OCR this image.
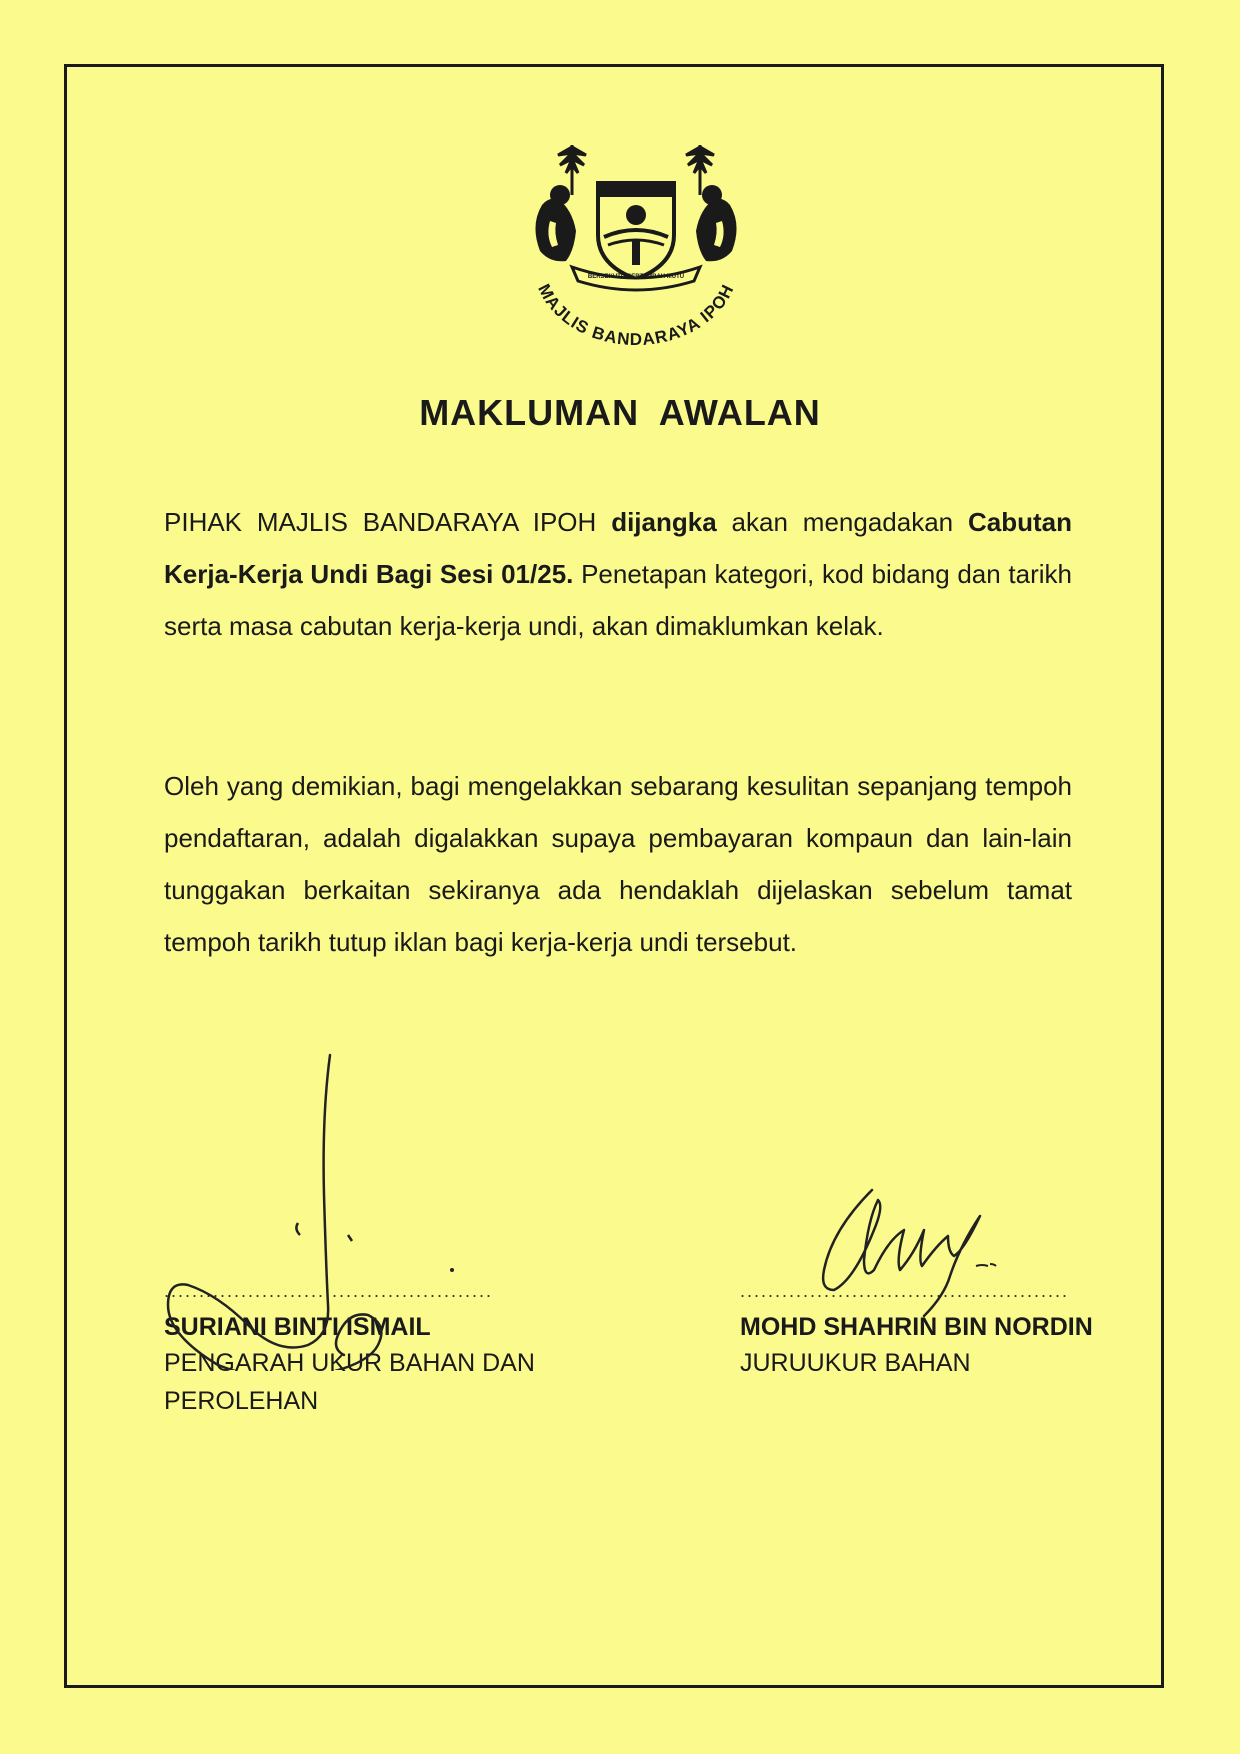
BERSEKUTU BERTAMBAH MUTU
MAJLIS BANDARAYA IPOH
MAKLUMAN AWALAN

PIHAK MAJLIS BANDARAYA IPOH dijangka akan mengadakan Cabutan Kerja-Kerja Undi Bagi Sesi 01/25. Penetapan kategori, kod bidang dan tarikh serta masa cabutan kerja-kerja undi, akan dimaklumkan kelak.

Oleh yang demikian, bagi mengelakkan sebarang kesulitan sepanjang tempoh pendaftaran, adalah digalakkan supaya pembayaran kompaun dan lain-lain tunggakan berkaitan sekiranya ada hendaklah dijelaskan sebelum tamat tempoh tarikh tutup iklan bagi kerja-kerja undi tersebut.

...............................................
SURIANI BINTI ISMAIL
PENGARAH UKUR BAHAN DAN
PEROLEHAN
...............................................
MOHD SHAHRIN BIN NORDIN
JURUUKUR BAHAN
